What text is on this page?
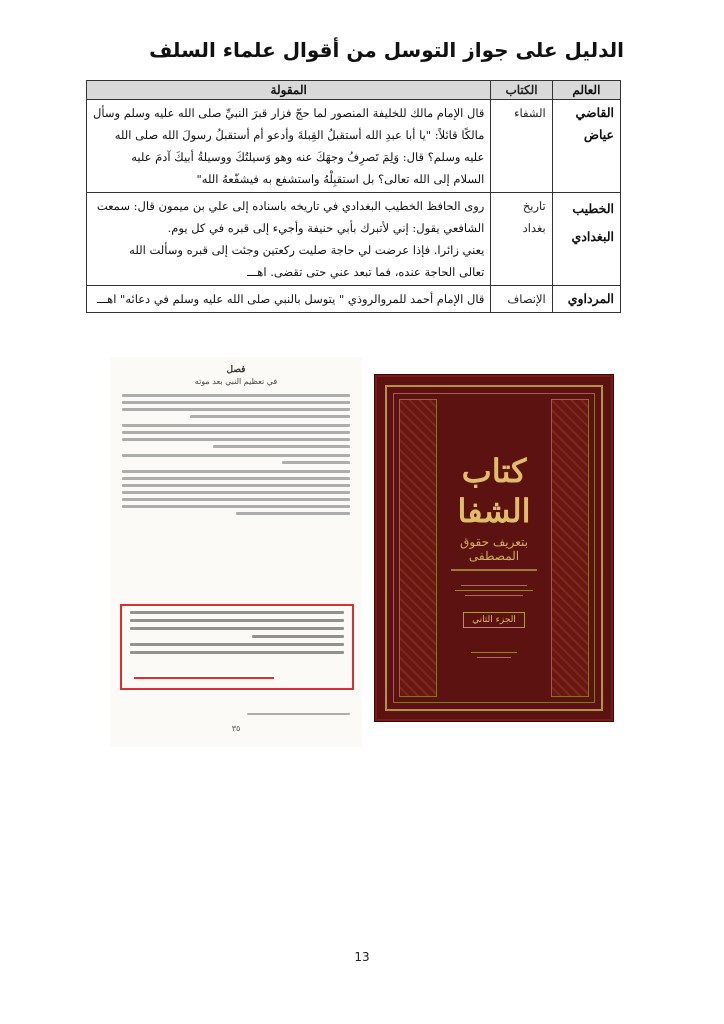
الدليل على جواز التوسل من أقوال علماء السلف
العالم	الكتاب	المقولة
القاضي عياض	الشفاء	قال الإمام مالك للخليفة المنصور لما حجّ فزار قبرَ النبيِّ صلى الله عليه وسلم وسأل
مالكًا قائلاً: "يا أبا عبدِ الله أستقبلُ القِبلةَ وأدعو أم أستقبلُ رسولَ الله صلى الله
عليه وسلم؟ قال: وَلِمَ تَصرِفُ وجهَكَ عنه وهو وَسيلتُكَ ووسيلةُ أبيكَ آدمَ عليه
السلام إلى الله تعالى؟ بل استقبِلْهُ واستشفع به فيشفّعهُ الله"

الخطيب البغدادي	تاريخ بغداد	روى الحافظ الخطيب البغدادي في تاريخه باسناده إلى علي بن ميمون قال: سمعت
الشافعي يقول: إني لأتبرك بأبي حنيفة وأجيء إلى قبره في كل يوم.
يعني زائرا. فإذا عرضت لي حاجة صليت ركعتين وجئت إلى قبره وسألت الله
تعالى الحاجة عنده، فما تبعد عني حتى تقضى. اهـــ

المرداوي	الإنصاف	قال الإمام أحمد للمروالروذي " يتوسل بالنبي صلى الله عليه وسلم في دعائه" اهـــ
فصل
في تعظيم النبي بعد موته
٣٥
كتاب الشفا
بتعريف حقوق المصطفى
الجزء الثاني
13
